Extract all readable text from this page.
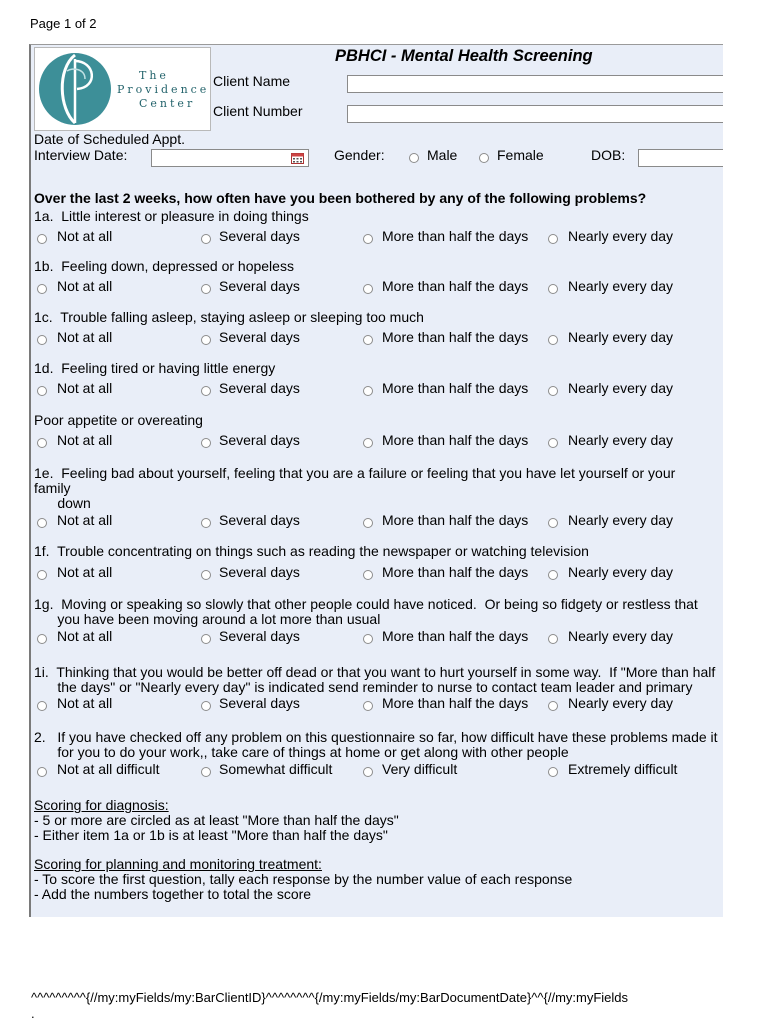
Page 1 of 2
PBHCI - Mental Health Screening
The
Providence
Center
Client Name
Client Number
Date of Scheduled Appt.
Interview Date:	Gender:	Male	Female	DOB:
Over the last 2 weeks, how often have you been bothered by any of the following problems?
1a.  Little interest or pleasure in doing things
Not at all	Several days	More than half the days	Nearly every day
1b.  Feeling down, depressed or hopeless
Not at all	Several days	More than half the days	Nearly every day
1c.  Trouble falling asleep, staying asleep or sleeping too much
Not at all	Several days	More than half the days	Nearly every day
1d.  Feeling tired or having little energy
Not at all	Several days	More than half the days	Nearly every day
Poor appetite or overeating
Not at all	Several days	More than half the days	Nearly every day
1e.  Feeling bad about yourself, feeling that you are a failure or feeling that you have let yourself or your
family
down
Not at all	Several days	More than half the days	Nearly every day
1f.  Trouble concentrating on things such as reading the newspaper or watching television
Not at all	Several days	More than half the days	Nearly every day
1g.  Moving or speaking so slowly that other people could have noticed.  Or being so fidgety or restless that
you have been moving around a lot more than usual
Not at all	Several days	More than half the days	Nearly every day
1i.  Thinking that you would be better off dead or that you want to hurt yourself in some way.  If "More than half
the days" or "Nearly every day" is indicated send reminder to nurse to contact team leader and primary
Not at all	Several days	More than half the days	Nearly every day
2.   If you have checked off any problem on this questionnaire so far, how difficult have these problems made it
for you to do your work,, take care of things at home or get along with other people
Not at all difficult	Somewhat difficult	Very difficult	Extremely difficult
Scoring for diagnosis:
- 5 or more are circled as at least "More than half the days"
- Either item 1a or 1b is at least "More than half the days"
Scoring for planning and monitoring treatment:
- To score the first question, tally each response by the number value of each response
- Add the numbers together to total the score
^^^^^^^^^{//my:myFields/my:BarClientID}^^^^^^^^{/my:myFields/my:BarDocumentDate}^^{//my:myFields
.
